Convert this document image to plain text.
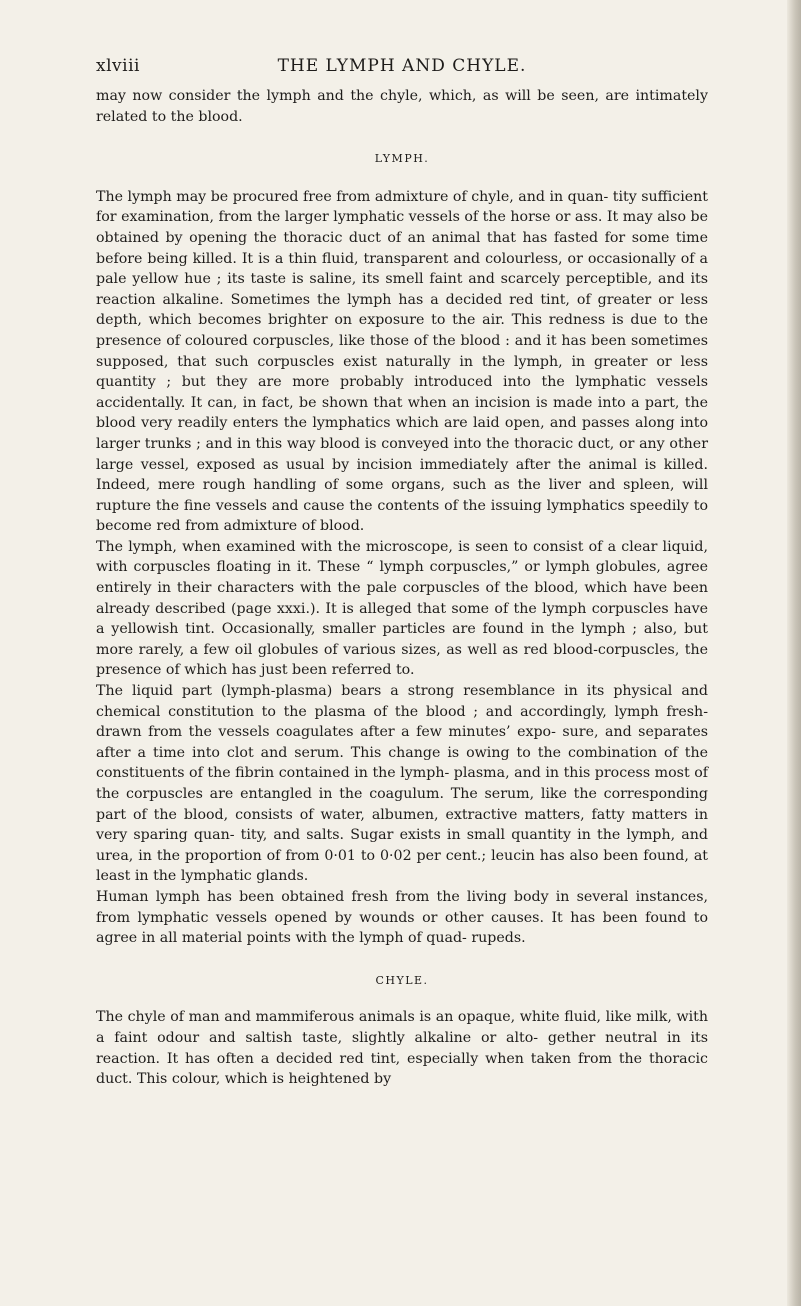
xlviii	THE LYMPH AND CHYLE.

may now consider the lymph and the chyle, which, as will be seen, are intimately related to the blood.

LYMPH.

The lymph may be procured free from admixture of chyle, and in quan- tity sufficient for examination, from the larger lymphatic vessels of the horse or ass. It may also be obtained by opening the thoracic duct of an animal that has fasted for some time before being killed. It is a thin fluid, transparent and colourless, or occasionally of a pale yellow hue ; its taste is saline, its smell faint and scarcely perceptible, and its reaction alkaline. Sometimes the lymph has a decided red tint, of greater or less depth, which becomes brighter on exposure to the air. This redness is due to the presence of coloured corpuscles, like those of the blood : and it has been sometimes supposed, that such corpuscles exist naturally in the lymph, in greater or less quantity ; but they are more probably introduced into the lymphatic vessels accidentally. It can, in fact, be shown that when an incision is made into a part, the blood very readily enters the lymphatics which are laid open, and passes along into larger trunks ; and in this way blood is conveyed into the thoracic duct, or any other large vessel, exposed as usual by incision immediately after the animal is killed. Indeed, mere rough handling of some organs, such as the liver and spleen, will rupture the fine vessels and cause the contents of the issuing lymphatics speedily to become red from admixture of blood.

The lymph, when examined with the microscope, is seen to consist of a clear liquid, with corpuscles floating in it. These “ lymph corpuscles,” or lymph globules, agree entirely in their characters with the pale corpuscles of the blood, which have been already described (page xxxi.). It is alleged that some of the lymph corpuscles have a yellowish tint. Occasionally, smaller particles are found in the lymph ; also, but more rarely, a few oil globules of various sizes, as well as red blood-corpuscles, the presence of which has just been referred to.

The liquid part (lymph-plasma) bears a strong resemblance in its physical and chemical constitution to the plasma of the blood ; and accordingly, lymph fresh-drawn from the vessels coagulates after a few minutes’ expo- sure, and separates after a time into clot and serum. This change is owing to the combination of the constituents of the fibrin contained in the lymph- plasma, and in this process most of the corpuscles are entangled in the coagulum. The serum, like the corresponding part of the blood, consists of water, albumen, extractive matters, fatty matters in very sparing quan- tity, and salts. Sugar exists in small quantity in the lymph, and urea, in the proportion of from 0·01 to 0·02 per cent.; leucin has also been found, at least in the lymphatic glands.

Human lymph has been obtained fresh from the living body in several instances, from lymphatic vessels opened by wounds or other causes. It has been found to agree in all material points with the lymph of quad- rupeds.

CHYLE.

The chyle of man and mammiferous animals is an opaque, white fluid, like milk, with a faint odour and saltish taste, slightly alkaline or alto- gether neutral in its reaction. It has often a decided red tint, especially when taken from the thoracic duct. This colour, which is heightened by
